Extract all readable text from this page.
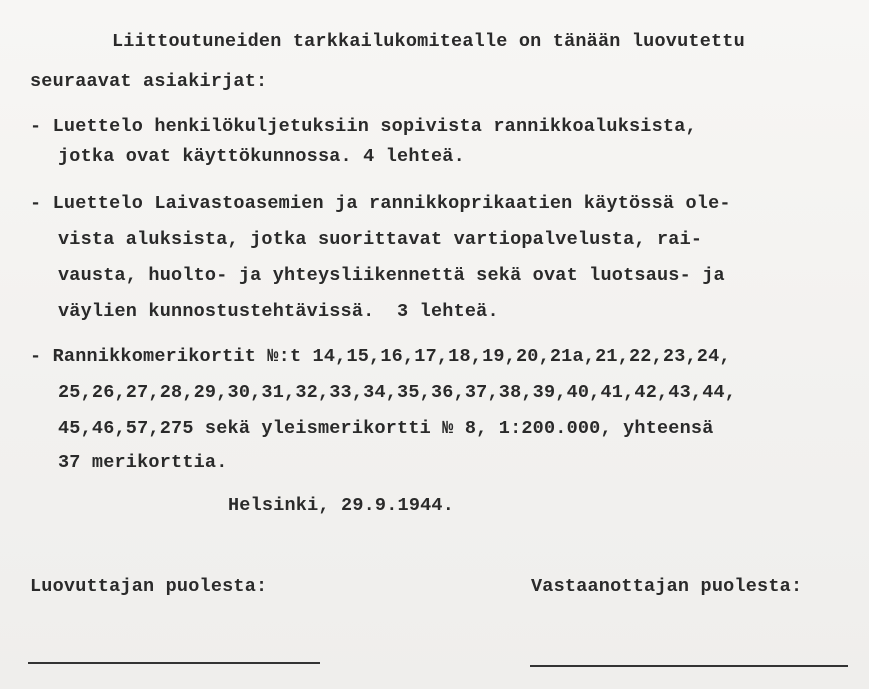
Liittoutuneiden tarkkailukomitealle on tänään luovutettu

seuraavat asiakirjat:

- Luettelo henkilökuljetuksiin sopivista rannikkoaluksista,

jotka ovat käyttökunnossa. 4 lehteä.

- Luettelo Laivastoasemien ja rannikkoprikaatien käytössä ole-

vista aluksista, jotka suorittavat vartiopalvelusta, rai-

vausta, huolto- ja yhteysliikennettä sekä ovat luotsaus- ja

väylien kunnostustehtävissä.  3 lehteä.

- Rannikkomerikortit №:t 14,15,16,17,18,19,20,21a,21,22,23,24,

25,26,27,28,29,30,31,32,33,34,35,36,37,38,39,40,41,42,43,44,

45,46,57,275 sekä yleismerikortti № 8, 1:200.000, yhteensä

37 merikorttia.

Helsinki, 29.9.1944.

Luovuttajan puolesta:	Vastaanottajan puolesta:
